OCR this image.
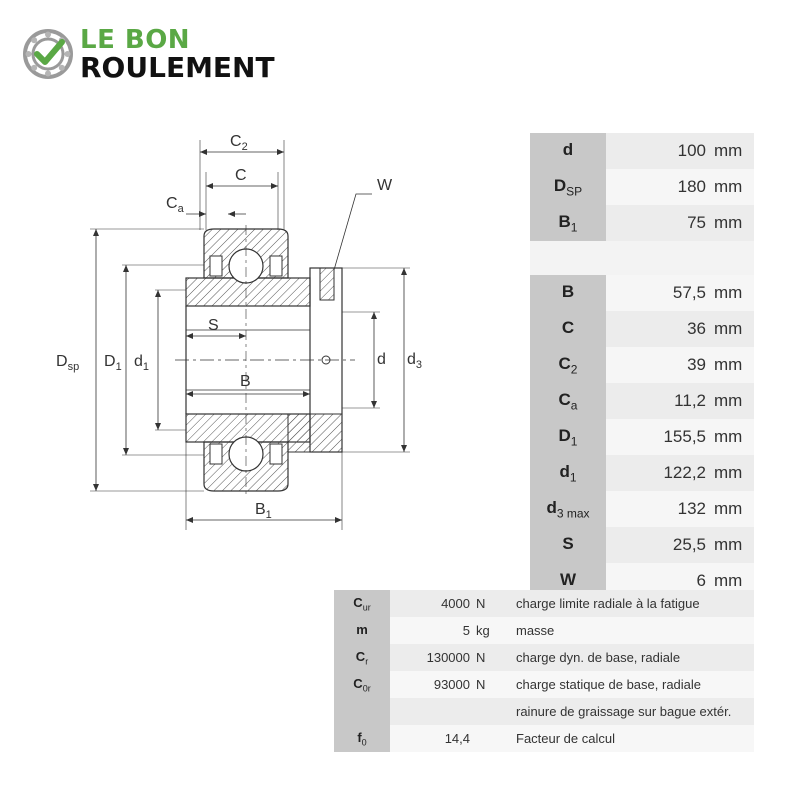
LE BON
ROULEMENT
$C_2$
C
$C_a$
W
$D_{sp}$ $D_1$ $d_1$
S
B
d $d_3$
$B_1$
d	100	mm
$D_{SP}$	180	mm
$B_1$	75	mm

B	57,5	mm
C	36	mm
$C_2$	39	mm
$C_a$	11,2	mm
$D_1$	155,5	mm
$d_1$	122,2	mm
$d_{3 max}$	132	mm
S	25,5	mm
W	6	mm
$C_{ur}$	4000	N	charge limite radiale à la fatigue
m	5	kg	masse
$C_r$	130000	N	charge dyn. de base, radiale
$C_{0r}$	93000	N	charge statique de base, radiale
			rainure de graissage sur bague extér.
$f_0$	14,4		Facteur de calcul
